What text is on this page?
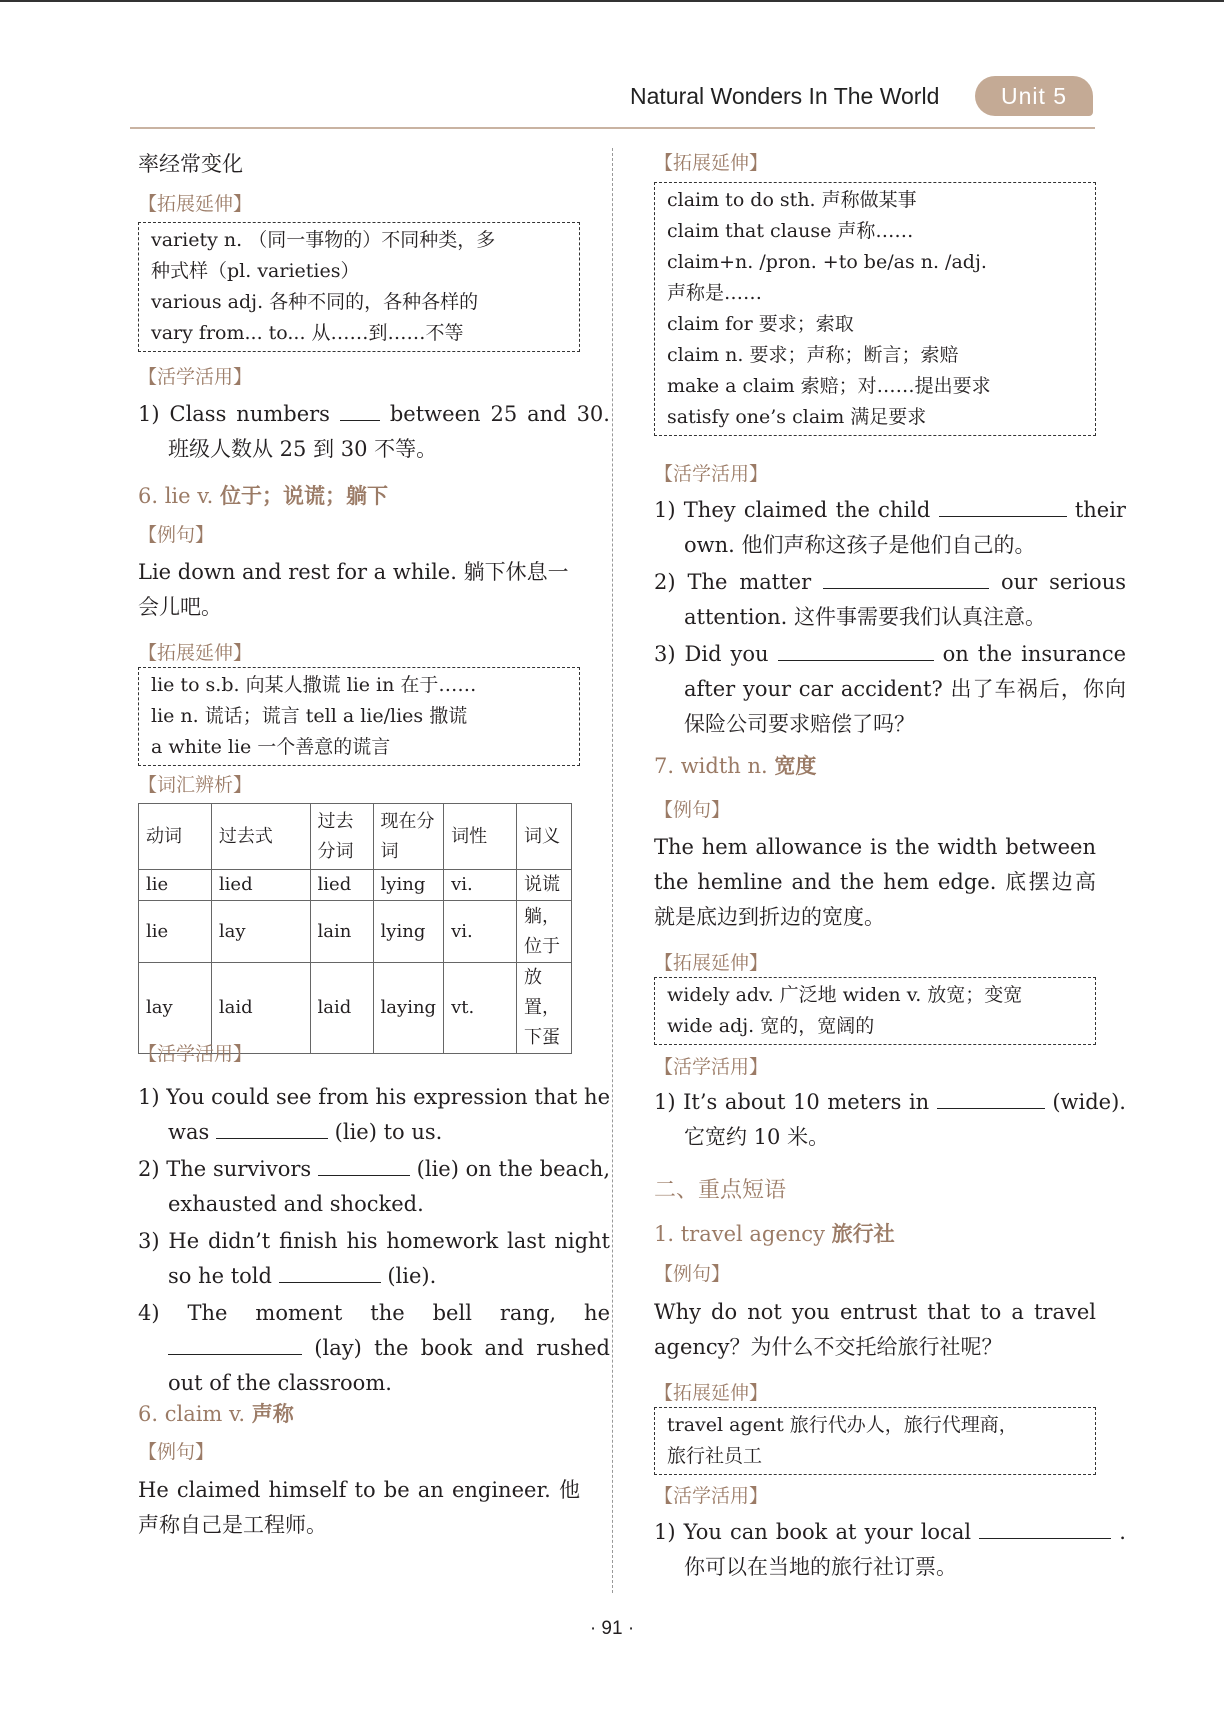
Natural Wonders In The World	Unit 5
率经常变化
【拓展延伸】
variety n. （同一事物的）不同种类，多
种式样（pl. varieties）
various adj. 各种不同的，各种各样的
vary from... to... 从……到……不等
【活学活用】
1) Class numbers	between 25 and 30. 班级人数从 25 到 30 不等。
6. lie v. 位于；说谎；躺下
【例句】
Lie down and rest for a while. 躺下休息一会儿吧。
【拓展延伸】
lie to s.b. 向某人撒谎 lie in 在于……
lie n. 谎话；谎言 tell a lie/lies 撒谎
a white lie 一个善意的谎言
【词汇辨析】
动词	过去式	过去分词	现在分词	词性	词义
lie	lied	lied	lying	vi.	说谎
lie	lay	lain	lying	vi.	躺，位于
lay	laid	laid	laying	vt.	放置，下蛋
【活学活用】
1) You could see from his expression that he was	(lie) to us.
2) The survivors	(lie) on the beach, exhausted and shocked.
3) He didn’t finish his homework last night so he told	(lie).
4) The moment the bell rang, he  (lay) the book and rushed out of the classroom.
6. claim v. 声称
【例句】
He claimed himself to be an engineer. 他声称自己是工程师。
【拓展延伸】
claim to do sth. 声称做某事
claim that clause 声称……
claim+n. /pron. +to be/as n. /adj.
声称是……
claim for 要求；索取
claim n. 要求；声称；断言；索赔
make a claim 索赔；对……提出要求
satisfy one’s claim 满足要求
【活学活用】
1) They claimed the child	their own. 他们声称这孩子是他们自己的。
2) The matter	our serious attention. 这件事需要我们认真注意。
3) Did you	on the insurance after your car accident? 出了车祸后，你向保险公司要求赔偿了吗？
7. width n. 宽度
【例句】
The hem allowance is the width between the hemline and the hem edge. 底摆边高就是底边到折边的宽度。
【拓展延伸】
widely adv. 广泛地 widen v. 放宽；变宽
wide adj. 宽的，宽阔的
【活学活用】
1) It’s about 10 meters in	(wide). 它宽约 10 米。
二、重点短语
1. travel agency 旅行社
【例句】
Why do not you entrust that to a travel agency？为什么不交托给旅行社呢？
【拓展延伸】
travel agent 旅行代办人，旅行代理商，
旅行社员工
【活学活用】
1) You can book at your local	. 你可以在当地的旅行社订票。
· 91 ·
